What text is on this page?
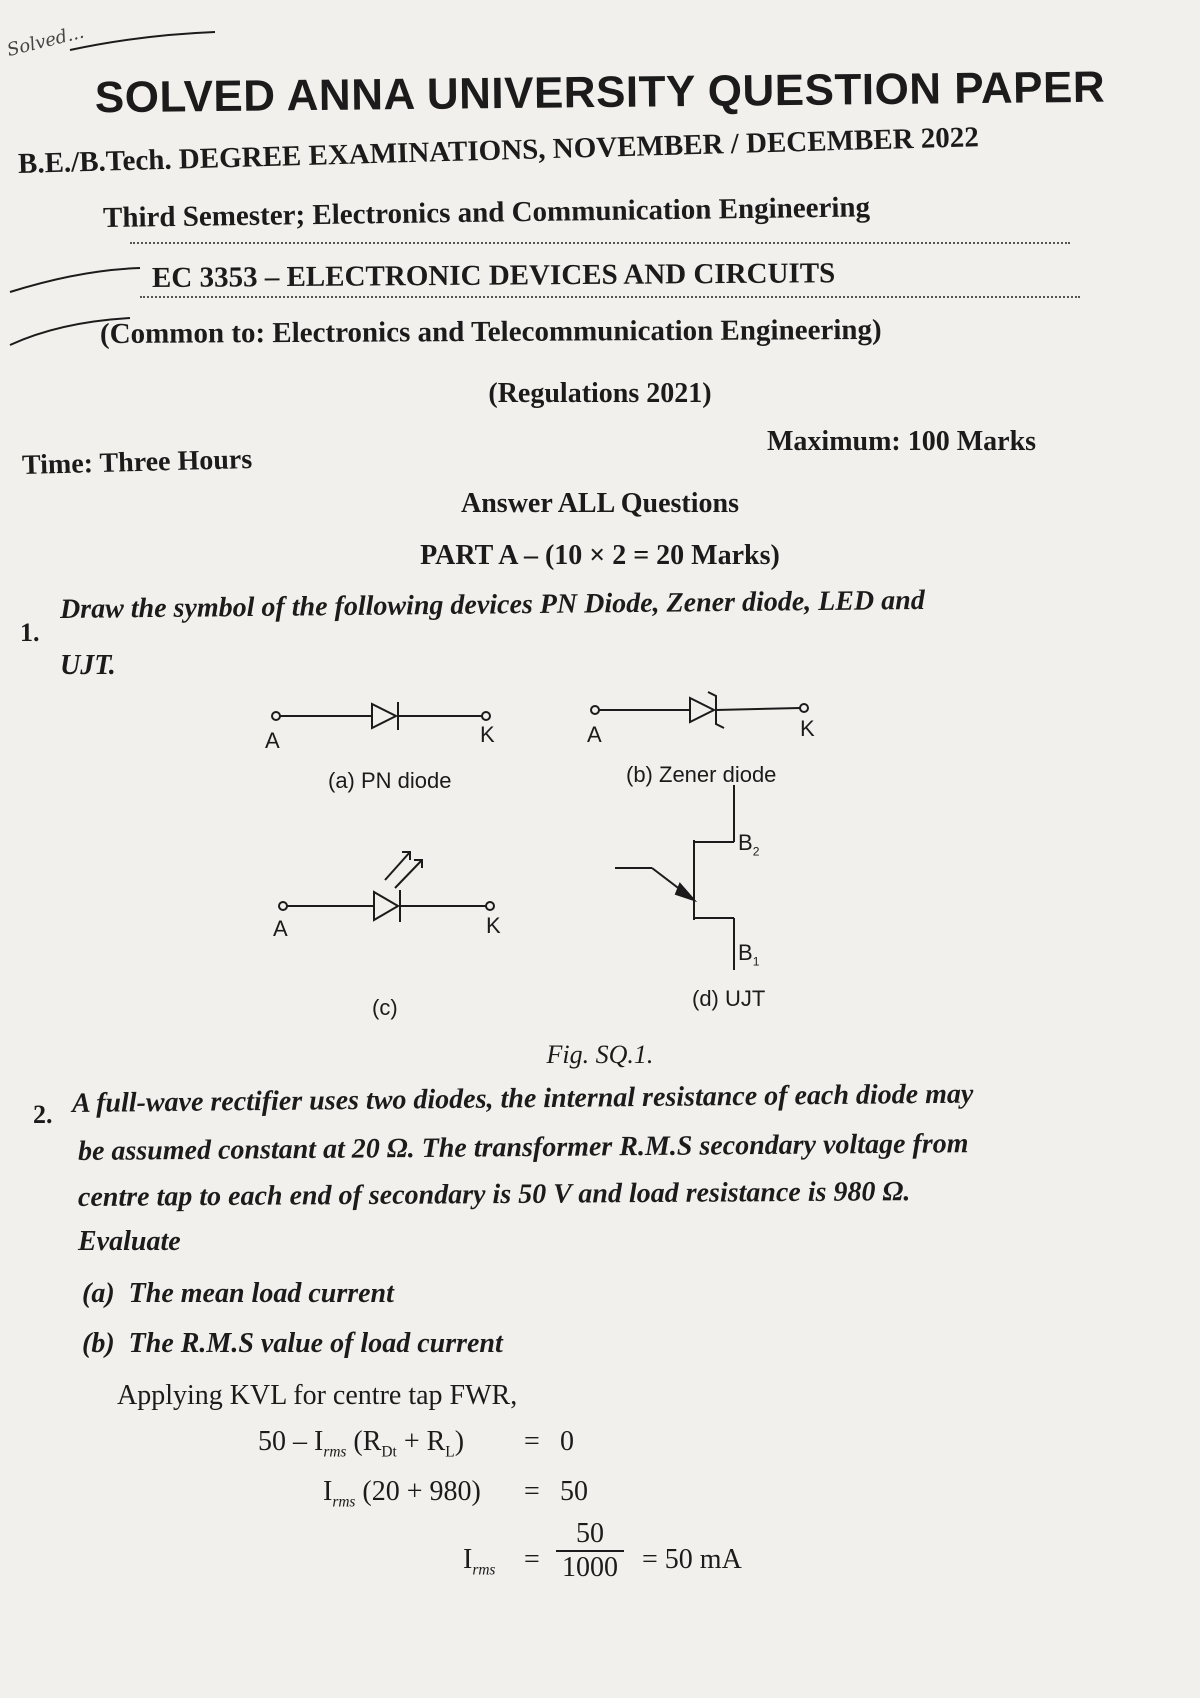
Solved...
SOLVED ANNA UNIVERSITY QUESTION PAPER
B.E./B.Tech. DEGREE EXAMINATIONS, NOVEMBER / DECEMBER 2022
Third Semester; Electronics and Communication Engineering
EC 3353 – ELECTRONIC DEVICES AND CIRCUITS
(Common to: Electronics and Telecommunication Engineering)
(Regulations 2021)
Time: Three Hours
Maximum: 100 Marks
Answer ALL Questions
PART A – (10 × 2 = 20 Marks)
1.
Draw the symbol of the following devices PN Diode, Zener diode, LED and
UJT.
A	K
(a) PN diode
A	K
(b) Zener diode
A	K
(c)
$B_2$
$B_1$
(d) UJT
Fig. SQ.1.
2. A full-wave rectifier uses two diodes, the internal resistance of each diode may
be assumed constant at 20 Ω. The transformer R.M.S secondary voltage from
centre tap to each end of secondary is 50 V and load resistance is 980 Ω.
Evaluate
(a) The mean load current
(b) The R.M.S value of load current
Applying KVL for centre tap FWR,
$50 - I_{rms}$ $(R_{Dt} + R_L) = 0$
$I_{rms}$ (20 + 980) = 50
$I_{rms} = \frac{50}{1000} = 50$ mA
